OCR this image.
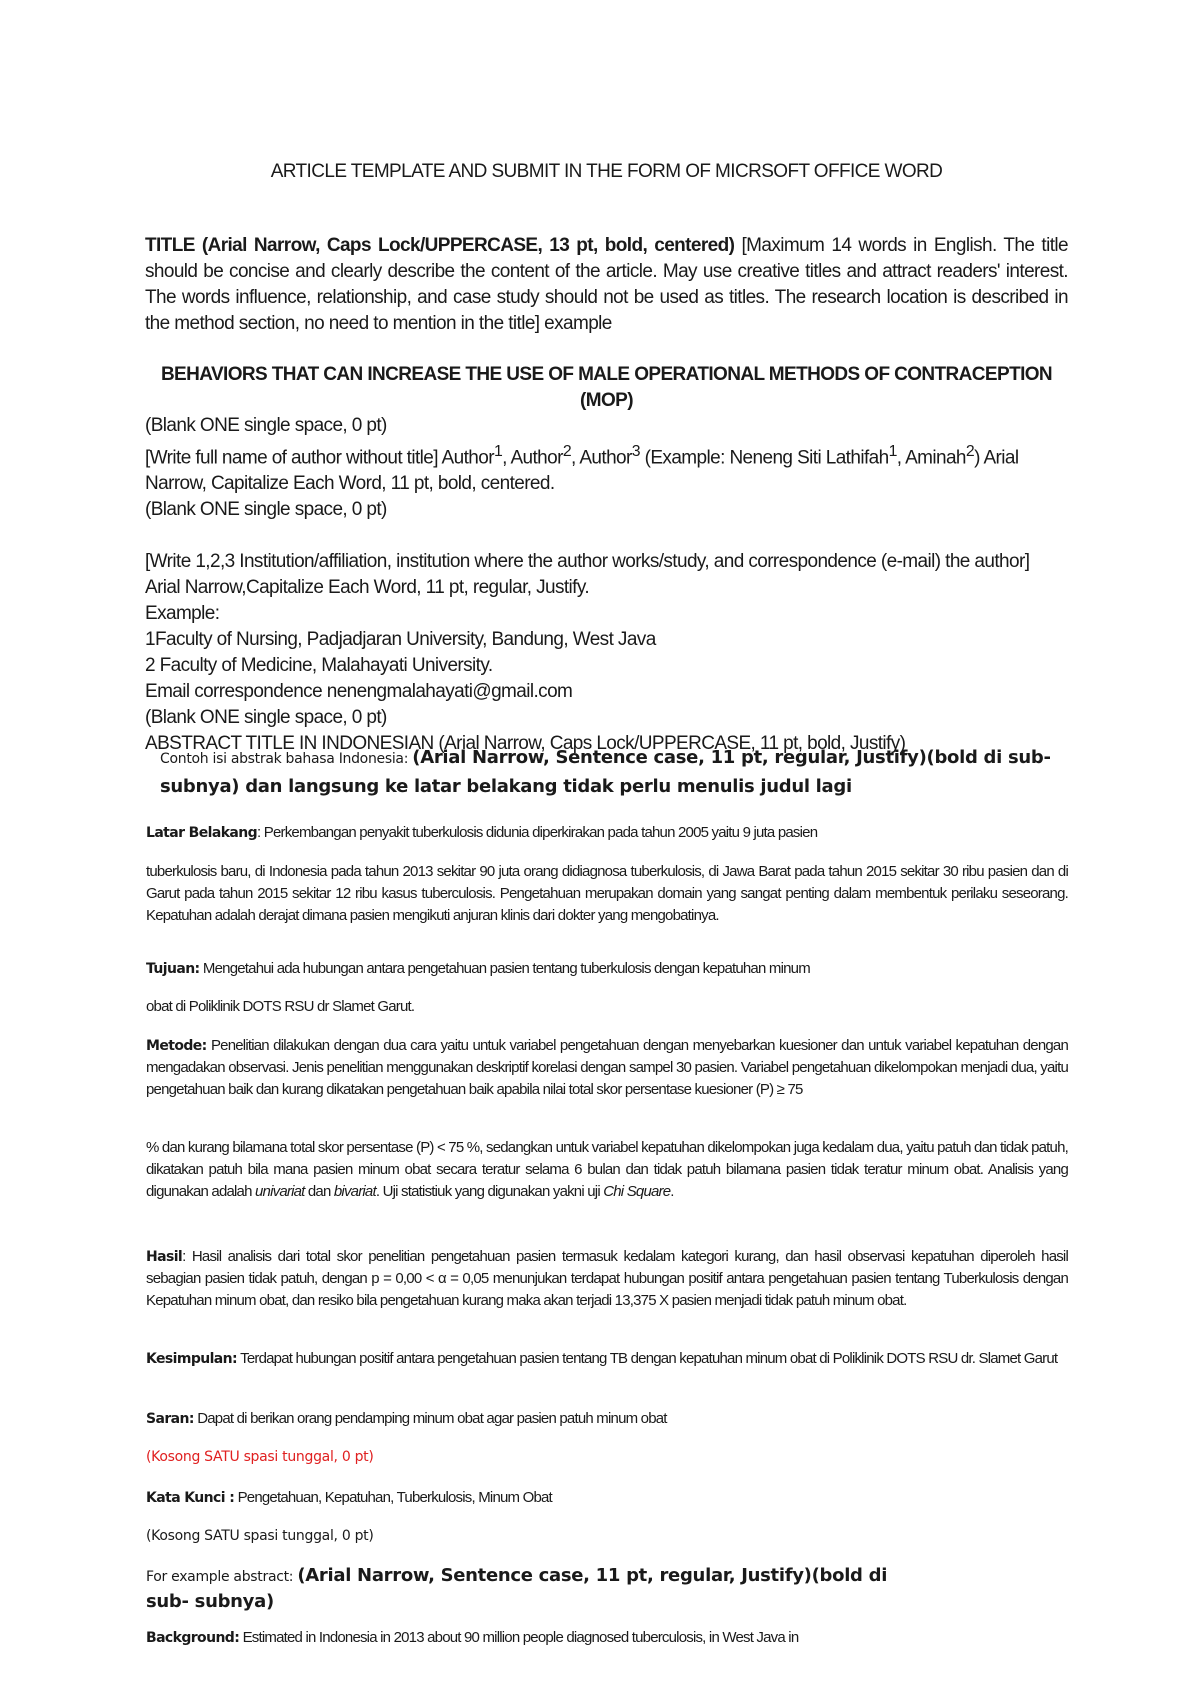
ARTICLE TEMPLATE AND SUBMIT IN THE FORM OF MICRSOFT OFFICE WORD

TITLE (Arial Narrow, Caps Lock/UPPERCASE, 13 pt, bold, centered) [Maximum 14 words in English. The title should be concise and clearly describe the content of the article. May use creative titles and attract readers' interest. The words influence, relationship, and case study should not be used as titles. The research location is described in the method section, no need to mention in the title] example

BEHAVIORS THAT CAN INCREASE THE USE OF MALE OPERATIONAL METHODS OF CONTRACEPTION (MOP)

(Blank ONE single space, 0 pt)

[Write full name of author without title] Author$^1$, Author$^2$, Author$^3$ (Example: Neneng Siti Lathifah$^1$, Aminah$^2$) Arial Narrow, Capitalize Each Word, 11 pt, bold, centered.

(Blank ONE single space, 0 pt)

[Write 1,2,3 Institution/affiliation, institution where the author works/study, and correspondence (e-mail) the author] Arial Narrow,Capitalize Each Word, 11 pt, regular, Justify.

Example:

1Faculty of Nursing, Padjadjaran University, Bandung, West Java

2 Faculty of Medicine, Malahayati University.

Email correspondence nenengmalahayati@gmail.com

(Blank ONE single space, 0 pt)

ABSTRACT TITLE IN INDONESIAN (Arial Narrow, Caps Lock/UPPERCASE, 11 pt, bold, Justify)

Contoh isi abstrak bahasa Indonesia: (Arial Narrow, Sentence case, 11 pt, regular, Justify)(bold di sub-subnya) dan langsung ke latar belakang tidak perlu menulis judul lagi

Latar Belakang: Perkembangan penyakit tuberkulosis didunia diperkirakan pada tahun 2005 yaitu 9 juta pasien

tuberkulosis baru, di Indonesia pada tahun 2013 sekitar 90 juta orang didiagnosa tuberkulosis, di Jawa Barat pada tahun 2015 sekitar 30 ribu pasien dan di Garut pada tahun 2015 sekitar 12 ribu kasus tuberculosis. Pengetahuan merupakan domain yang sangat penting dalam membentuk perilaku seseorang. Kepatuhan adalah derajat dimana pasien mengikuti anjuran klinis dari dokter yang mengobatinya.

Tujuan: Mengetahui ada hubungan antara pengetahuan pasien tentang tuberkulosis dengan kepatuhan minum

obat di Poliklinik DOTS RSU dr Slamet Garut.

Metode: Penelitian dilakukan dengan dua cara yaitu untuk variabel pengetahuan dengan menyebarkan kuesioner dan untuk variabel kepatuhan dengan mengadakan observasi. Jenis penelitian menggunakan deskriptif korelasi dengan sampel 30 pasien. Variabel pengetahuan dikelompokan menjadi dua, yaitu pengetahuan baik dan kurang dikatakan pengetahuan baik apabila nilai total skor persentase kuesioner (P) ≥ 75

% dan kurang bilamana total skor persentase (P) < 75 %, sedangkan untuk variabel kepatuhan dikelompokan juga kedalam dua, yaitu patuh dan tidak patuh, dikatakan patuh bila mana pasien minum obat secara teratur selama 6 bulan dan tidak patuh bilamana pasien tidak teratur minum obat. Analisis yang digunakan adalah univariat dan bivariat. Uji statistiuk yang digunakan yakni uji Chi Square.

Hasil: Hasil analisis dari total skor penelitian pengetahuan pasien termasuk kedalam kategori kurang, dan hasil observasi kepatuhan diperoleh hasil sebagian pasien tidak patuh, dengan p = 0,00 < α = 0,05 menunjukan terdapat hubungan positif antara pengetahuan pasien tentang Tuberkulosis dengan Kepatuhan minum obat, dan resiko bila pengetahuan kurang maka akan terjadi 13,375 X pasien menjadi tidak patuh minum obat.

Kesimpulan: Terdapat hubungan positif antara pengetahuan pasien tentang TB dengan kepatuhan minum obat di Poliklinik DOTS RSU dr. Slamet Garut

Saran: Dapat di berikan orang pendamping minum obat agar pasien patuh minum obat

(Kosong SATU spasi tunggal, 0 pt)

Kata Kunci : Pengetahuan, Kepatuhan, Tuberkulosis, Minum Obat

(Kosong SATU spasi tunggal, 0 pt)

For example abstract: (Arial Narrow, Sentence case, 11 pt, regular, Justify)(bold di

sub- subnya)

Background: Estimated in Indonesia in 2013 about 90 million people diagnosed tuberculosis, in West Java in
